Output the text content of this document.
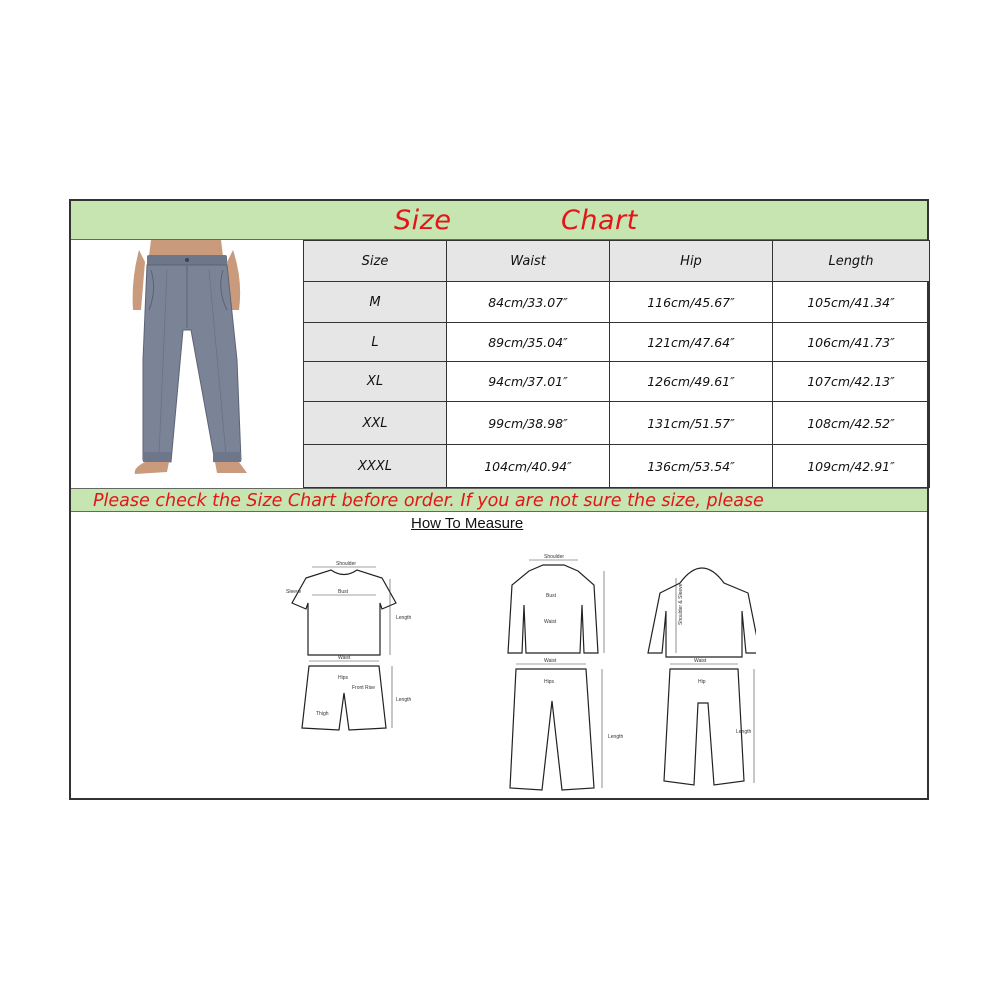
Size	Chart
Size	Waist	Hip	Length
M	84cm/33.07″	116cm/45.67″	105cm/41.34″
L	89cm/35.04″	121cm/47.64″	106cm/41.73″
XL	94cm/37.01″	126cm/49.61″	107cm/42.13″
XXL	99cm/38.98″	131cm/51.57″	108cm/42.52″
XXXL	104cm/40.94″	136cm/53.54″	109cm/42.91″
Please check the Size Chart before order. If you are not sure the size, please
How To Measure
Shoulder
Bust
Sleeve
Length
Waist
Hips
Front Rise
Thigh
Length
Shoulder
Bust
Waist
Waist
Hips
Length
Waist
Hip
Length
Shoulder & Sleeve
